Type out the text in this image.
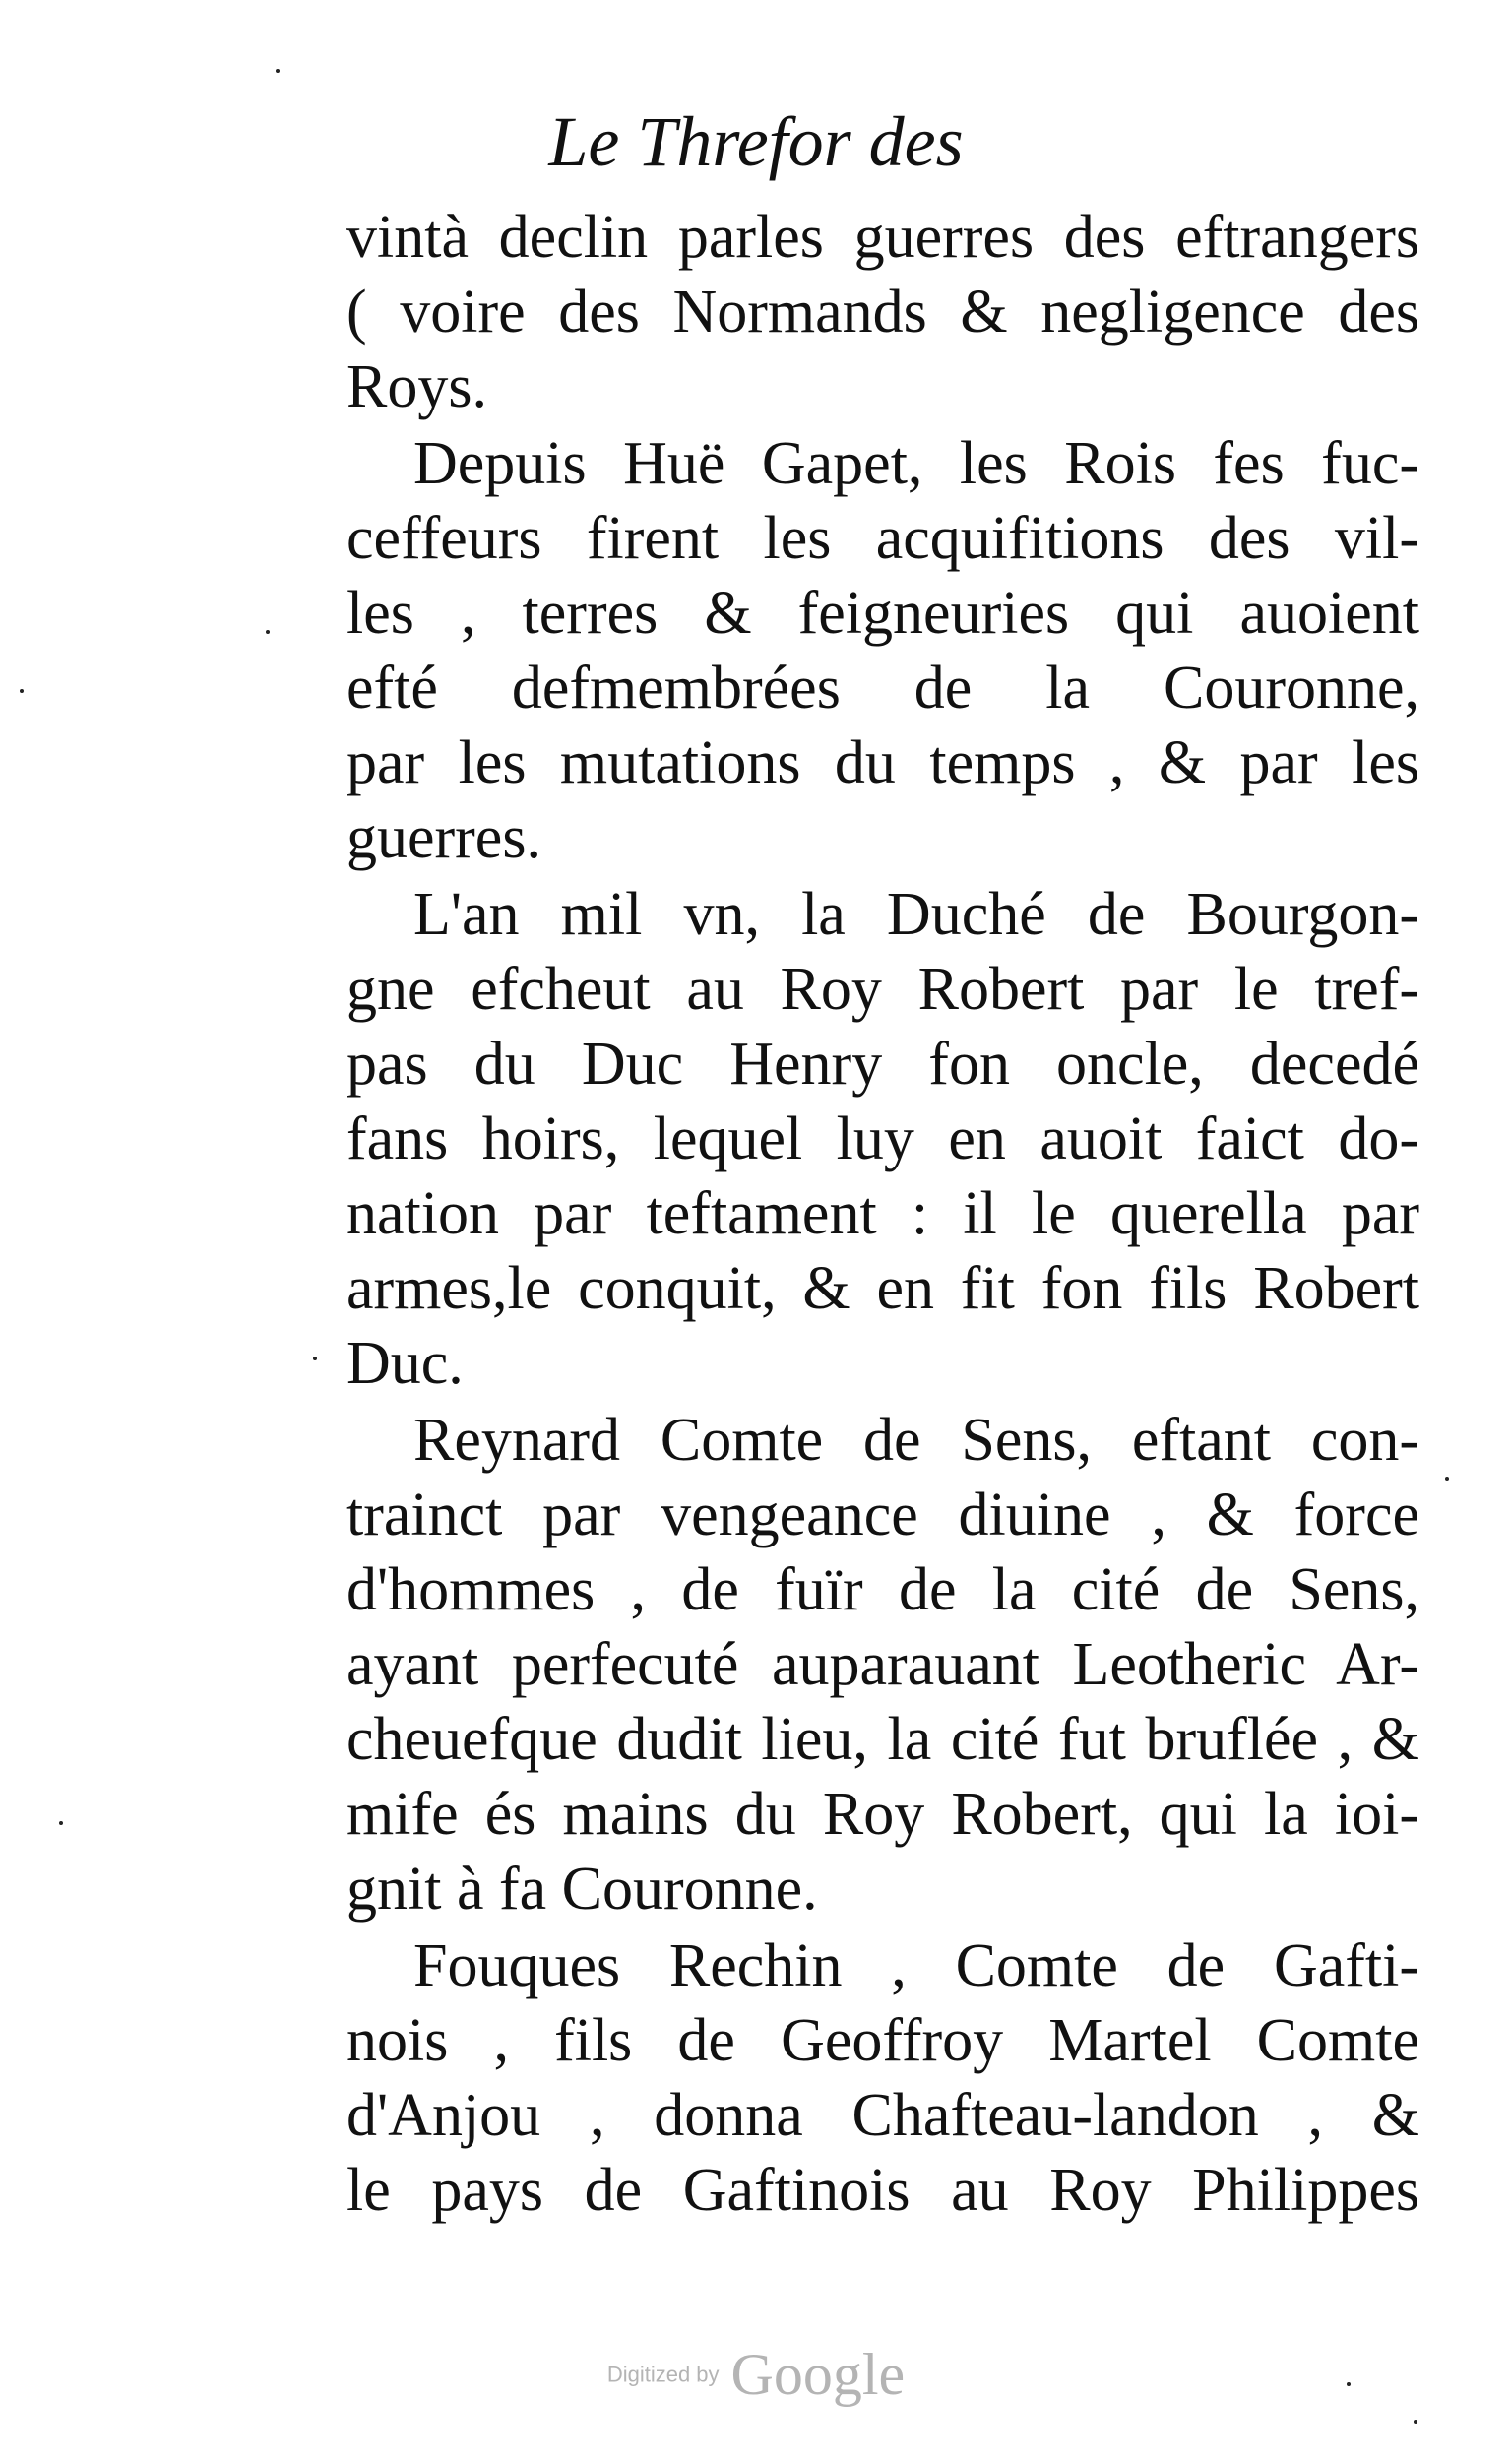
Le Threfor des
vintà declin parles guerres des eftrangers
( voire des Normands & negligence des
Roys.
Depuis Huë Gapet, les Rois fes fuc-
ceffeurs firent les acquifitions des vil-
les , terres & feigneuries qui auoient
efté defmembrées de la Couronne,
par les mutations du temps , & par les
guerres.
L'an mil vn, la Duché de Bourgon-
gne efcheut au Roy Robert par le tref-
pas du Duc Henry fon oncle, decedé
fans hoirs, lequel luy en auoit faict do-
nation par teftament : il le querella par
armes,le conquit, & en fit fon fils Robert
Duc.
Reynard Comte de Sens, eftant con-
trainct par vengeance diuine , & force
d'hommes , de fuïr de la cité de Sens,
ayant perfecuté auparauant Leotheric Ar-
cheuefque dudit lieu, la cité fut bruflée , &
mife és mains du Roy Robert, qui la ioi-
gnit à fa Couronne.
Fouques Rechin , Comte de Gafti-
nois , fils de Geoffroy Martel Comte
d'Anjou , donna Chafteau-landon , &
le pays de Gaftinois au Roy Philippes
Digitized by Google
